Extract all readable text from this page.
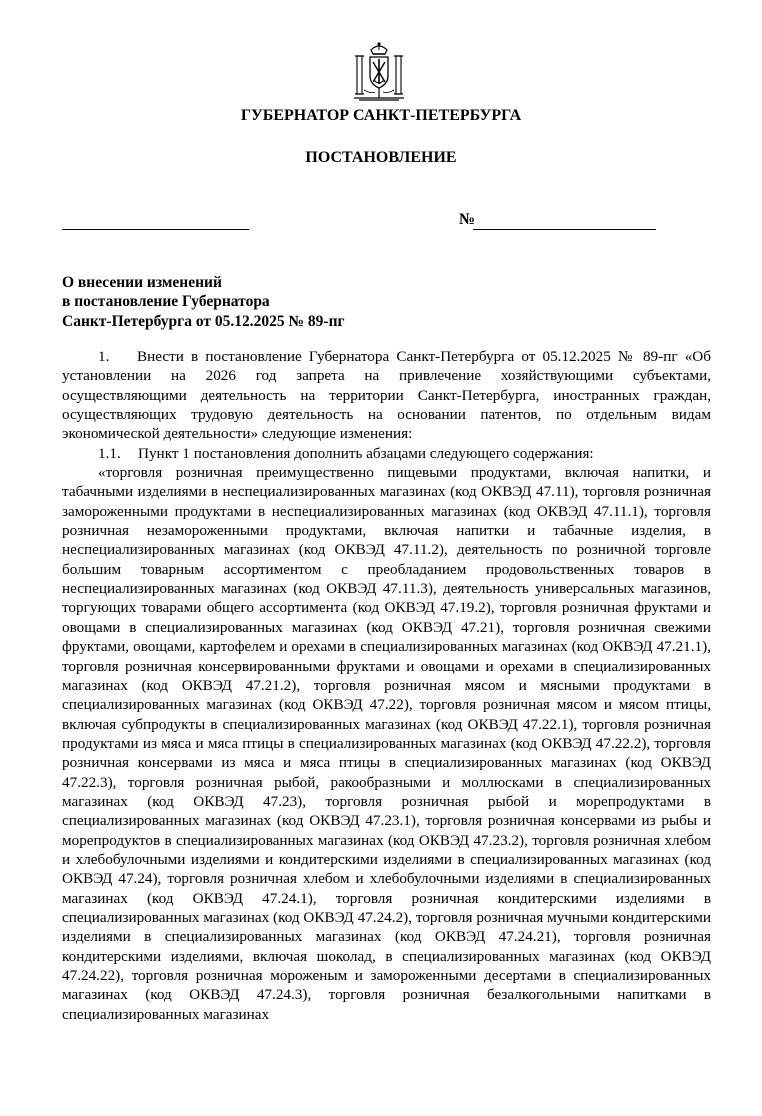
ГУБЕРНАТОР САНКТ-ПЕТЕРБУРГА
ПОСТАНОВЛЕНИЕ
№
О внесении изменений
в постановление Губернатора
Санкт-Петербурга от 05.12.2025 № 89-пг

1. Внести в постановление Губернатора Санкт-Петербурга от 05.12.2025 № 89-пг «Об установлении на 2026 год запрета на привлечение хозяйствующими субъектами, осуществляющими деятельность на территории Санкт-Петербурга, иностранных граждан, осуществляющих трудовую деятельность на основании патентов, по отдельным видам экономической деятельности» следующие изменения:

1.1. Пункт 1 постановления дополнить абзацами следующего содержания:

«торговля розничная преимущественно пищевыми продуктами, включая напитки, и табачными изделиями в неспециализированных магазинах (код ОКВЭД 47.11), торговля розничная замороженными продуктами в неспециализированных магазинах (код ОКВЭД 47.11.1), торговля розничная незамороженными продуктами, включая напитки и табачные изделия, в неспециализированных магазинах (код ОКВЭД 47.11.2), деятельность по розничной торговле большим товарным ассортиментом с преобладанием продовольственных товаров в неспециализированных магазинах (код ОКВЭД 47.11.3), деятельность универсальных магазинов, торгующих товарами общего ассортимента (код ОКВЭД 47.19.2), торговля розничная фруктами и овощами в специализированных магазинах (код ОКВЭД 47.21), торговля розничная свежими фруктами, овощами, картофелем и орехами в специализированных магазинах (код ОКВЭД 47.21.1), торговля розничная консервированными фруктами и овощами и орехами в специализированных магазинах (код ОКВЭД 47.21.2), торговля розничная мясом и мясными продуктами в специализированных магазинах (код ОКВЭД 47.22), торговля розничная мясом и мясом птицы, включая субпродукты в специализированных магазинах (код ОКВЭД 47.22.1), торговля розничная продуктами из мяса и мяса птицы в специализированных магазинах (код ОКВЭД 47.22.2), торговля розничная консервами из мяса и мяса птицы в специализированных магазинах (код ОКВЭД 47.22.3), торговля розничная рыбой, ракообразными и моллюсками в специализированных магазинах (код ОКВЭД 47.23), торговля розничная рыбой и морепродуктами в специализированных магазинах (код ОКВЭД 47.23.1), торговля розничная консервами из рыбы и морепродуктов в специализированных магазинах (код ОКВЭД 47.23.2), торговля розничная хлебом и хлебобулочными изделиями и кондитерскими изделиями в специализированных магазинах (код ОКВЭД 47.24), торговля розничная хлебом и хлебобулочными изделиями в специализированных магазинах (код ОКВЭД 47.24.1), торговля розничная кондитерскими изделиями в специализированных магазинах (код ОКВЭД 47.24.2), торговля розничная мучными кондитерскими изделиями в специализированных магазинах (код ОКВЭД 47.24.21), торговля розничная кондитерскими изделиями, включая шоколад, в специализированных магазинах (код ОКВЭД 47.24.22), торговля розничная мороженым и замороженными десертами в специализированных магазинах (код ОКВЭД 47.24.3), торговля розничная безалкогольными напитками в специализированных магазинах
